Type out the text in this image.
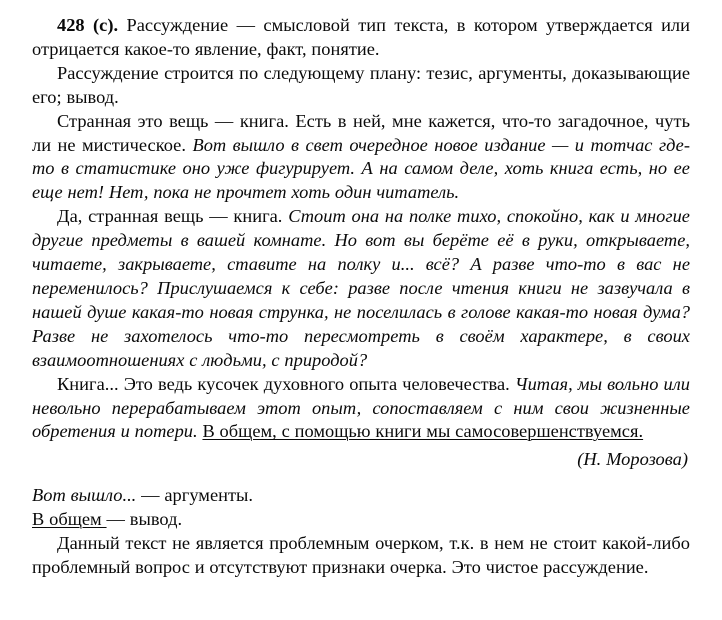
428 (с). Рассуждение — смысловой тип текста, в котором утверждается или отрицается какое-то явление, факт, понятие.

Рассуждение строится по следующему плану: тезис, аргументы, доказывающие его; вывод.

Странная это вещь — книга. Есть в ней, мне кажется, что-то загадочное, чуть ли не мистическое. Вот вышло в свет очередное новое издание — и тотчас где-то в статистике оно уже фигурирует. А на самом деле, хоть книга есть, но ее еще нет! Нет, пока не прочтет хоть один читатель.

Да, странная вещь — книга. Стоит она на полке тихо, спокойно, как и многие другие предметы в вашей комнате. Но вот вы берёте её в руки, открываете, читаете, закрываете, ставите на полку и... всё? А разве что-то в вас не переменилось? Прислушаемся к себе: разве после чтения книги не зазвучала в нашей душе какая-то новая струнка, не поселилась в голове какая-то новая дума? Разве не захотелось что-то пересмотреть в своём характере, в своих взаимоотношениях с людьми, с природой?

Книга... Это ведь кусочек духовного опыта человечества. Читая, мы вольно или невольно перерабатываем этот опыт, сопоставляем с ним свои жизненные обретения и потери. В общем, с помощью книги мы самосовершенствуемся.

(Н. Морозова)

Вот вышло... — аргументы.

В общем — вывод.

Данный текст не является проблемным очерком, т.к. в нем не стоит какой-либо проблемный вопрос и отсутствуют признаки очерка. Это чистое рассуждение.
